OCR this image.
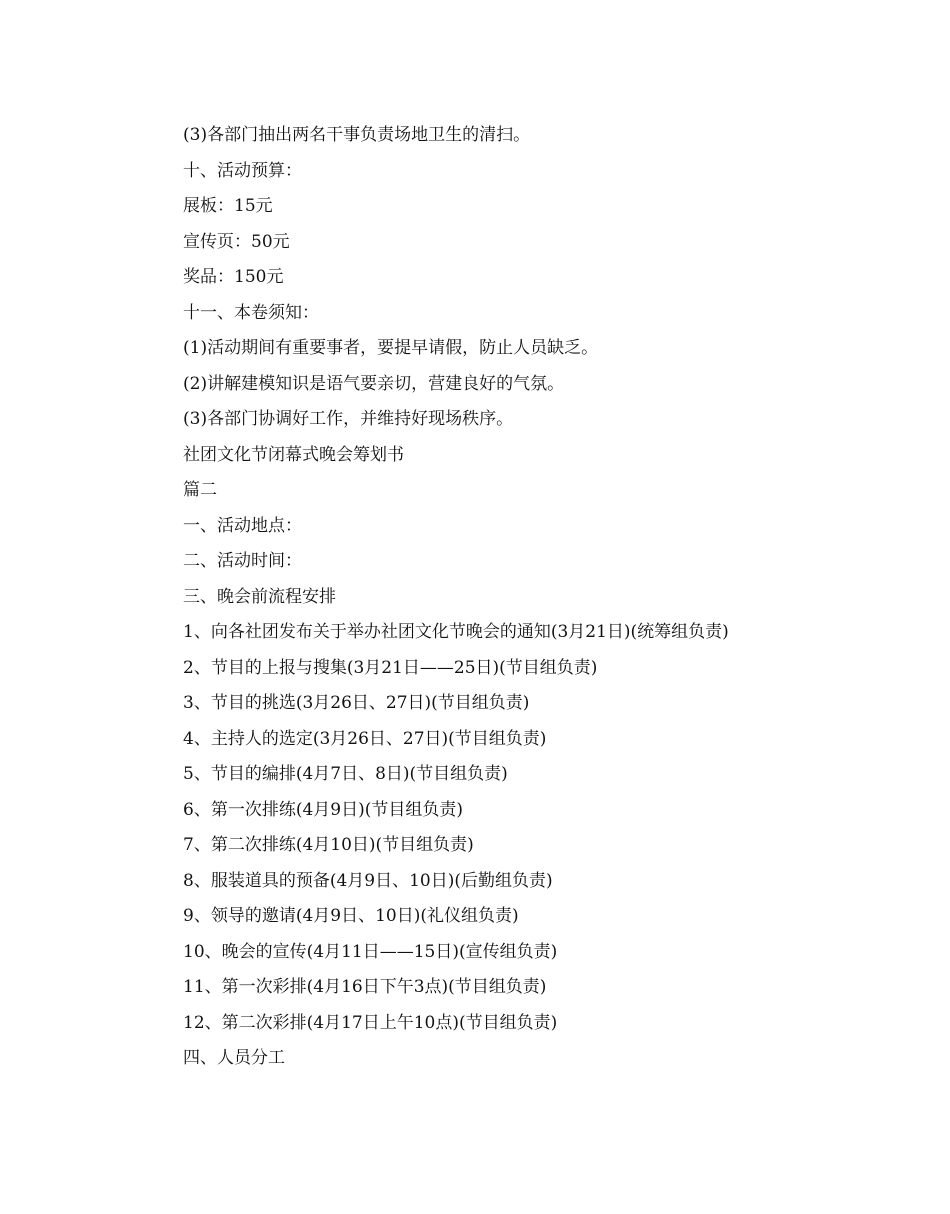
(3)各部门抽出两名干事负责场地卫生的清扫。
十、活动预算：
展板：15元
宣传页：50元
奖品：150元
十一、本卷须知：
(1)活动期间有重要事者，要提早请假，防止人员缺乏。
(2)讲解建模知识是语气要亲切，营建良好的气氛。
(3)各部门协调好工作，并维持好现场秩序。
社团文化节闭幕式晚会筹划书
篇二
一、活动地点：
二、活动时间：
三、晚会前流程安排
1、向各社团发布关于举办社团文化节晚会的通知(3月21日)(统筹组负责)
2、节目的上报与搜集(3月21日——25日)(节目组负责)
3、节目的挑选(3月26日、27日)(节目组负责)
4、主持人的选定(3月26日、27日)(节目组负责)
5、节目的编排(4月7日、8日)(节目组负责)
6、第一次排练(4月9日)(节目组负责)
7、第二次排练(4月10日)(节目组负责)
8、服装道具的预备(4月9日、10日)(后勤组负责)
9、领导的邀请(4月9日、10日)(礼仪组负责)
10、晚会的宣传(4月11日——15日)(宣传组负责)
11、第一次彩排(4月16日下午3点)(节目组负责)
12、第二次彩排(4月17日上午10点)(节目组负责)
四、人员分工
